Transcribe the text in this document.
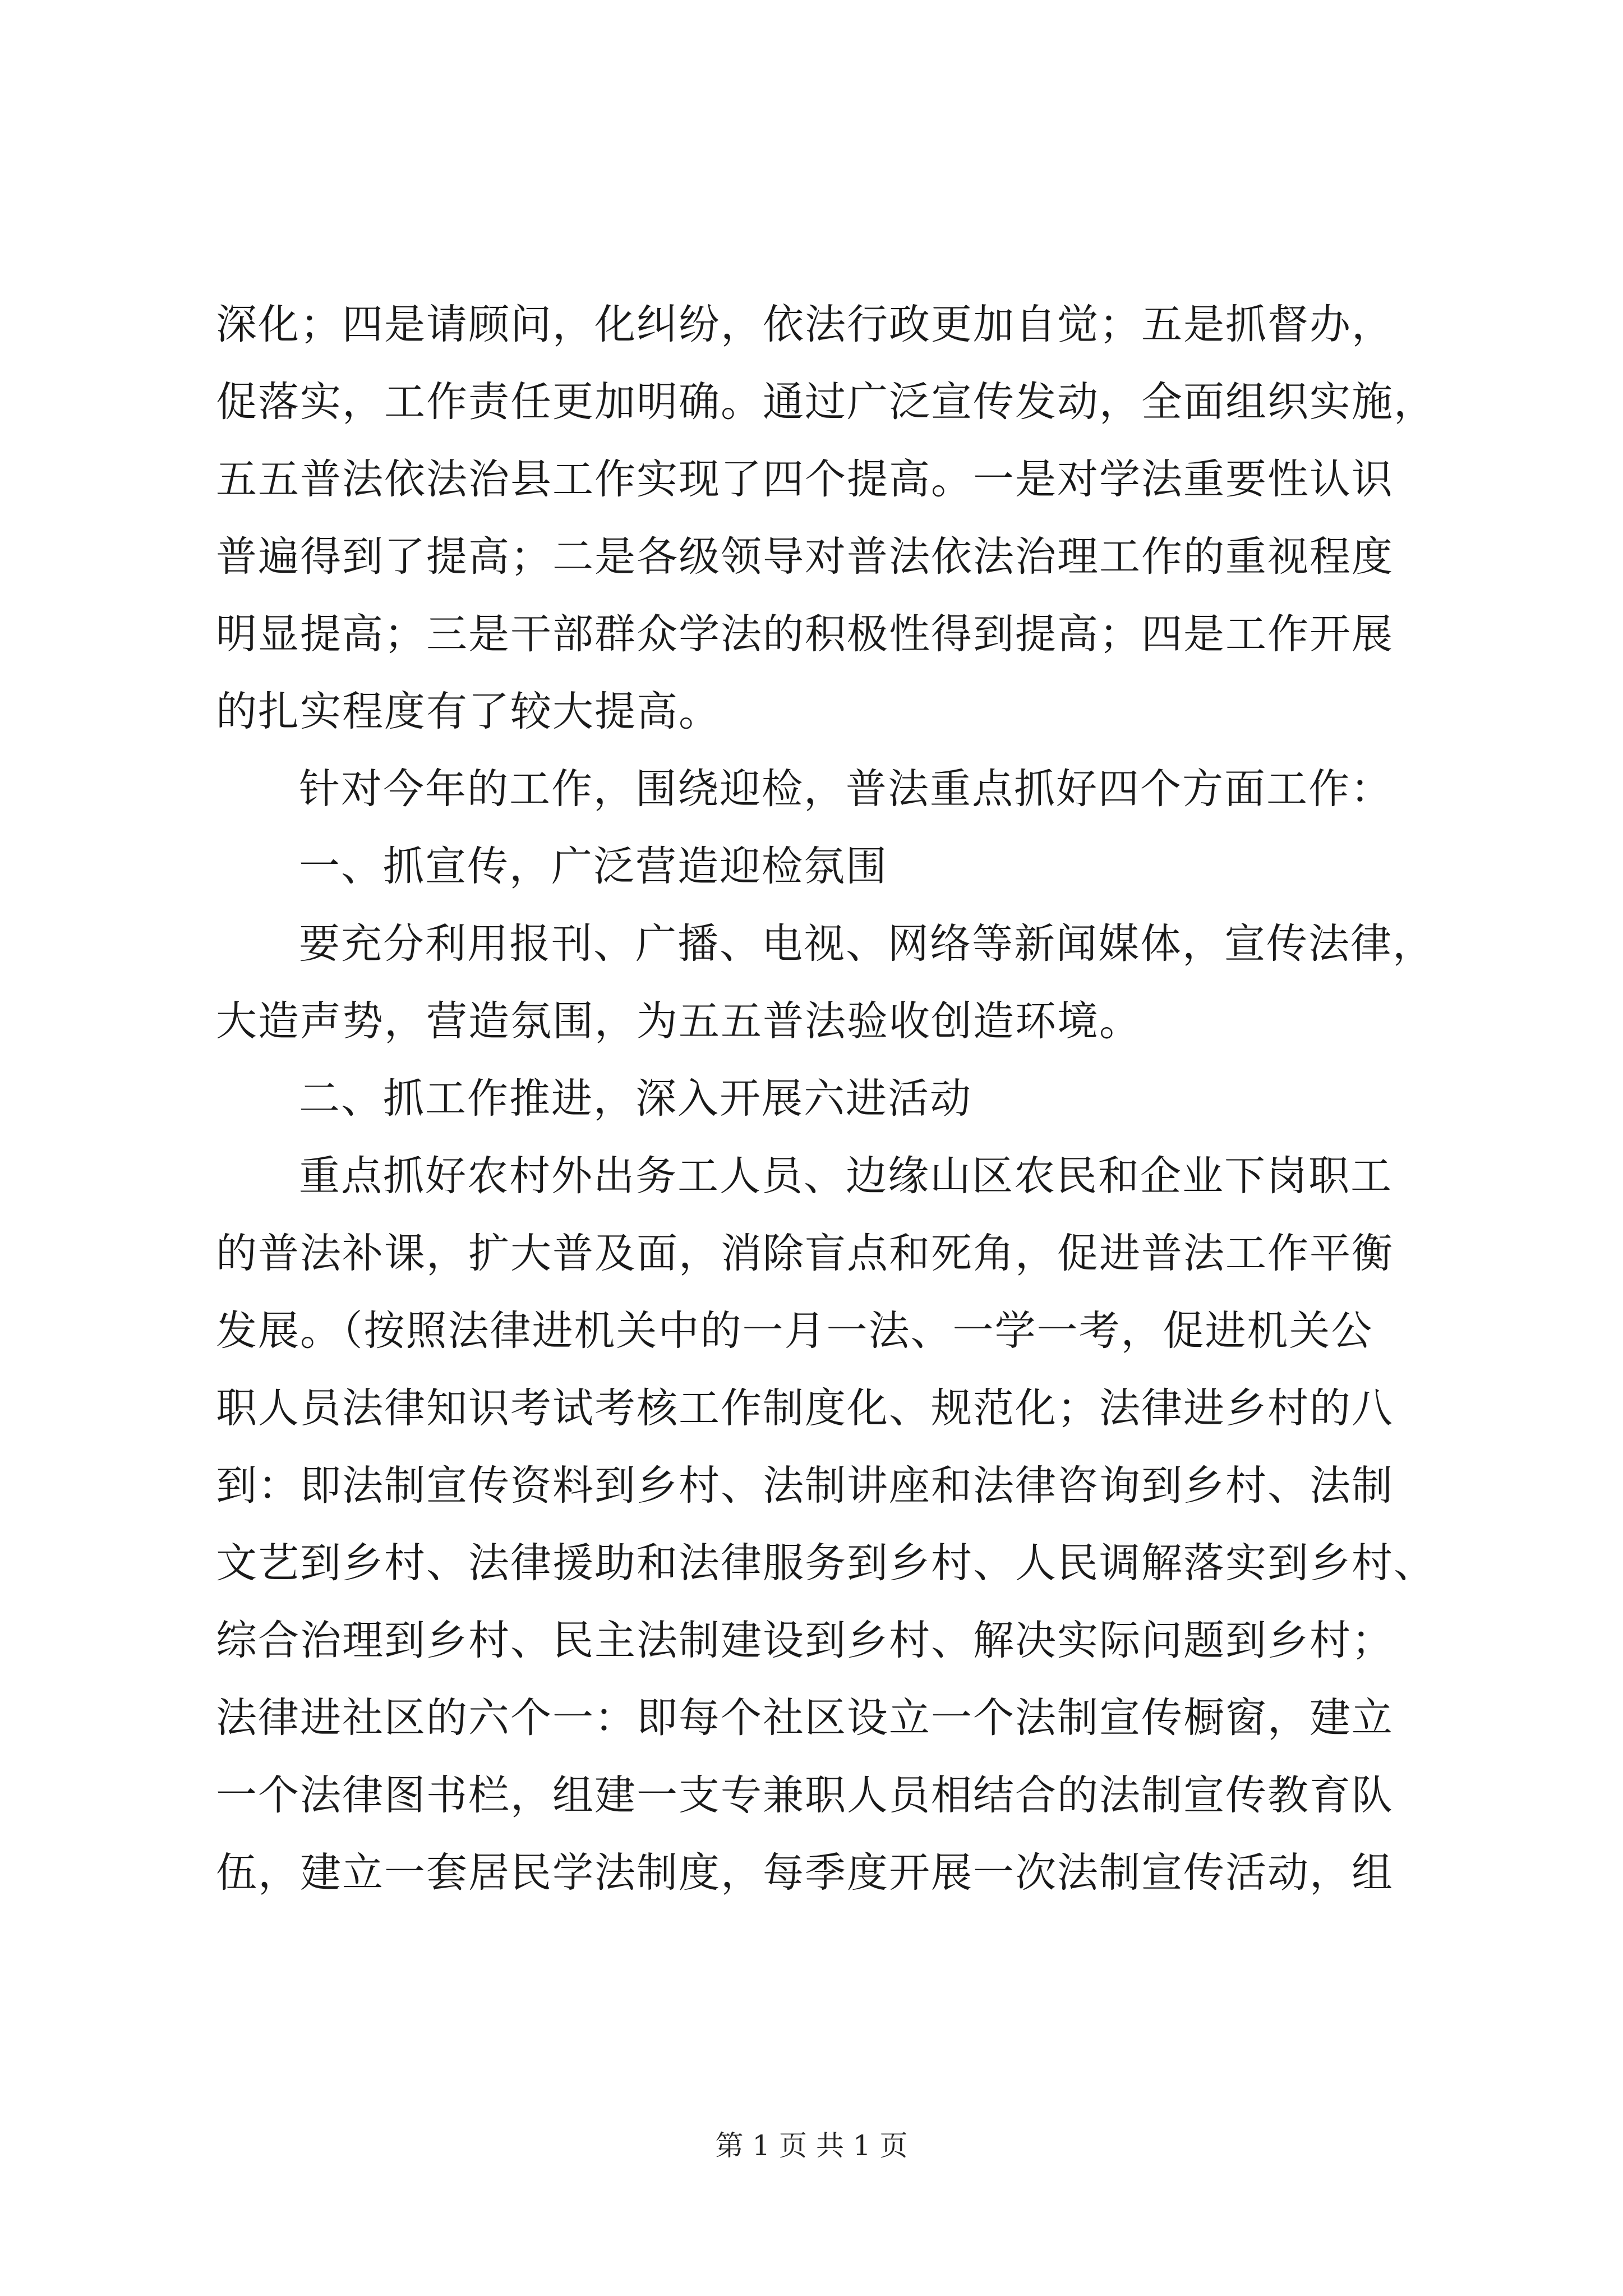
深化；四是请顾问，化纠纷，依法行政更加自觉；五是抓督办，
促落实，工作责任更加明确。通过广泛宣传发动，全面组织实施，
五五普法依法治县工作实现了四个提高。一是对学法重要性认识
普遍得到了提高；二是各级领导对普法依法治理工作的重视程度
明显提高；三是干部群众学法的积极性得到提高；四是工作开展
的扎实程度有了较大提高。
针对今年的工作，围绕迎检，普法重点抓好四个方面工作：
一、抓宣传，广泛营造迎检氛围
要充分利用报刊、广播、电视、网络等新闻媒体，宣传法律，
大造声势，营造氛围，为五五普法验收创造环境。
二、抓工作推进，深入开展六进活动
重点抓好农村外出务工人员、边缘山区农民和企业下岗职工
的普法补课，扩大普及面，消除盲点和死角，促进普法工作平衡
发展。（按照法律进机关中的一月一法、一学一考，促进机关公
职人员法律知识考试考核工作制度化、规范化；法律进乡村的八
到：即法制宣传资料到乡村、法制讲座和法律咨询到乡村、法制
文艺到乡村、法律援助和法律服务到乡村、人民调解落实到乡村、
综合治理到乡村、民主法制建设到乡村、解决实际问题到乡村；
法律进社区的六个一：即每个社区设立一个法制宣传橱窗，建立
一个法律图书栏，组建一支专兼职人员相结合的法制宣传教育队
伍，建立一套居民学法制度，每季度开展一次法制宣传活动，组
第 1 页 共 1 页
